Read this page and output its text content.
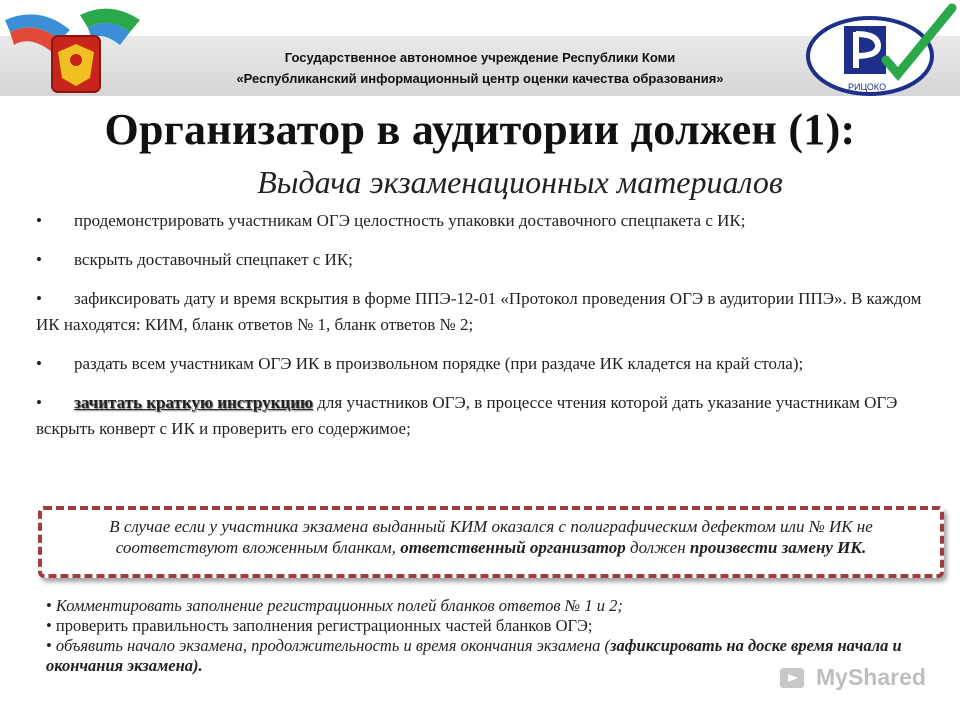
Государственное автономное учреждение Республики Коми
«Республиканский информационный центр оценки качества образования»
РИЦОКО
Организатор в аудитории должен (1):
Выдача экзаменационных материалов
• продемонстрировать участникам ОГЭ целостность упаковки доставочного спецпакета с ИК;
• вскрыть доставочный спецпакет с ИК;
• зафиксировать дату и время вскрытия в форме ППЭ-12-01 «Протокол проведения ОГЭ в аудитории ППЭ». В каждом ИК находятся: КИМ, бланк ответов № 1, бланк ответов № 2;
• раздать всем участникам ОГЭ ИК в произвольном порядке (при раздаче ИК кладется на край стола);
• зачитать краткую инструкцию для участников ОГЭ, в процессе чтения которой дать указание участникам ОГЭ вскрыть конверт с ИК и проверить его содержимое;
В случае если у участника экзамена выданный КИМ оказался с полиграфическим дефектом или № ИК не соответствуют вложенным бланкам, ответственный организатор должен произвести замену ИК.
• Комментировать заполнение регистрационных полей бланков ответов № 1 и 2;
• проверить правильность заполнения регистрационных частей бланков ОГЭ;
• объявить начало экзамена, продолжительность и время окончания экзамена (зафиксировать на доске время начала и окончания экзамена).	MyShared
